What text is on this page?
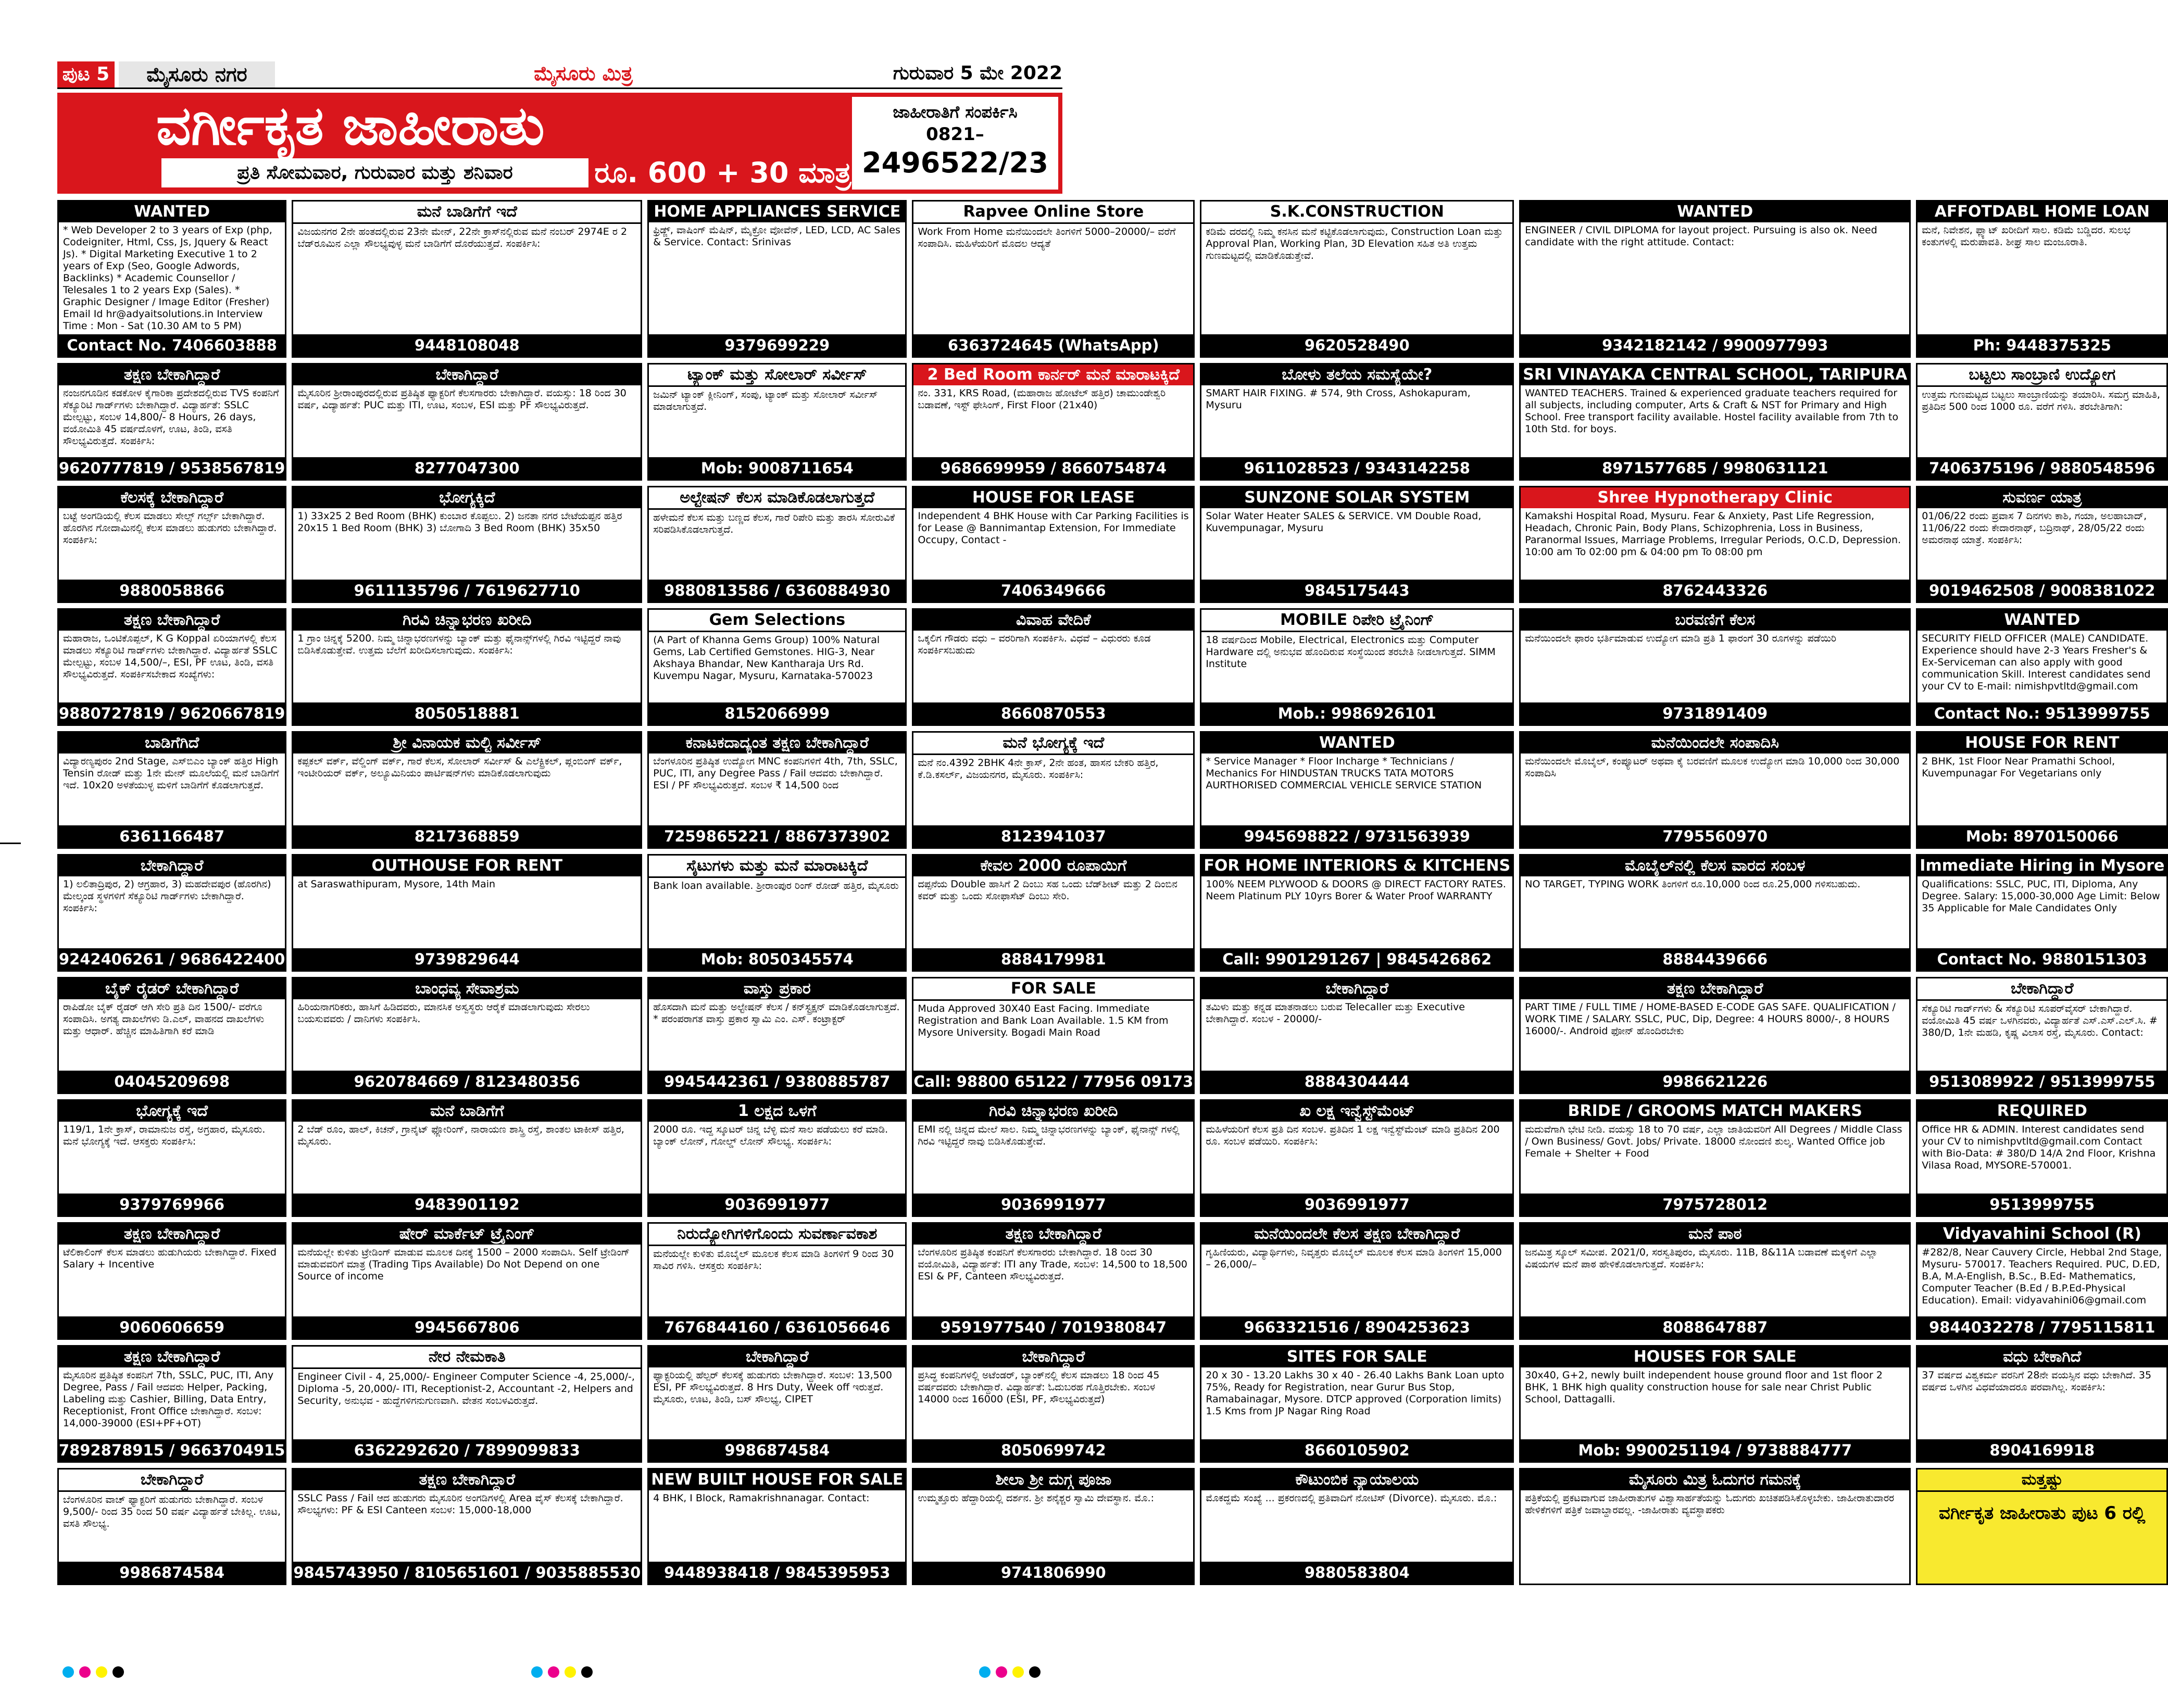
ಪುಟ 5	ಮೈಸೂರು ನಗರ	ಮೈಸೂರು ಮಿತ್ರ	ಗುರುವಾರ 5 ಮೇ 2022
ವರ್ಗೀಕೃತ ಜಾಹೀರಾತು
ಪ್ರತಿ ಸೋಮವಾರ, ಗುರುವಾರ ಮತ್ತು ಶನಿವಾರ	ರೂ. 600 + 30 ಮಾತ್ರ
ಜಾಹೀರಾತಿಗೆ ಸಂಪರ್ಕಿಸಿ
0821–
2496522/23
WANTED
* Web Developer 2 to 3 years of Exp (php, Codeigniter, Html, Css, Js, Jquery & React Js). * Digital Marketing Executive 1 to 2 years of Exp (Seo, Google Adwords, Backlinks) * Academic Counsellor / Telesales 1 to 2 years Exp (Sales). * Graphic Designer / Image Editor (Fresher) Email Id hr@adyaitsolutions.in Interview Time : Mon - Sat (10.30 AM to 5 PM)
Contact No. 7406603888
ಮನೆ ಬಾಡಿಗೆಗೆ ಇದೆ
ವಿಜಯನಗರ 2ನೇ ಹಂತದಲ್ಲಿರುವ 23ನೇ ಮೇನ್, 22ನೇ ಕ್ರಾಸ್‌ನಲ್ಲಿರುವ ಮನೆ ನಂಬರ್ 2974E ರ 2 ಬೆಡ್‌ರೂಮಿನ ಎಲ್ಲಾ ಸೌಲಭ್ಯವುಳ್ಳ ಮನೆ ಬಾಡಿಗೆಗೆ ದೊರೆಯುತ್ತದೆ. ಸಂಪರ್ಕಿಸಿ:
9448108048
HOME APPLIANCES SERVICE
ಫ್ರಿಡ್ಜ್, ವಾಷಿಂಗ್ ಮೆಷಿನ್, ಮೈಕ್ರೋ ವೋವೆನ್, LED, LCD, AC Sales & Service. Contact: Srinivas
9379699229
Rapvee Online Store
Work From Home ಮನೆಯಿಂದಲೇ ತಿಂಗಳಿಗೆ 5000–20000/– ವರೆಗೆ ಸಂಪಾದಿಸಿ. ಮಹಿಳೆಯರಿಗೆ ಮೊದಲ ಆದ್ಯತೆ
6363724645 (WhatsApp)
S.K.CONSTRUCTION
ಕಡಿಮೆ ದರದಲ್ಲಿ ನಿಮ್ಮ ಕನಸಿನ ಮನೆ ಕಟ್ಟಿಕೊಡಲಾಗುವುದು, Construction Loan ಮತ್ತು Approval Plan, Working Plan, 3D Elevation ಸಹಿತ ಅತಿ ಉತ್ತಮ ಗುಣಮಟ್ಟದಲ್ಲಿ ಮಾಡಿಕೊಡುತ್ತೇವೆ.
9620528490
WANTED
ENGINEER / CIVIL DIPLOMA for layout project. Pursuing is also ok. Need candidate with the right attitude. Contact:
9342182142 / 9900977993
AFFOTDABL HOME LOAN
ಮನೆ, ನಿವೇಶನ, ಫ್ಲ್ಯಾಟ್ ಖರೀದಿಗೆ ಸಾಲ. ಕಡಿಮೆ ಬಡ್ಡಿದರ. ಸುಲಭ ಕಂತುಗಳಲ್ಲಿ ಮರುಪಾವತಿ. ಶೀಘ್ರ ಸಾಲ ಮಂಜೂರಾತಿ.
Ph: 9448375325
ತಕ್ಷಣ ಬೇಕಾಗಿದ್ದಾರೆ
ನಂಜನಗೂಡಿನ ಕಡಕೋಳ ಕೈಗಾರಿಕಾ ಪ್ರದೇಶದಲ್ಲಿರುವ TVS ಕಂಪನಿಗೆ ಸೆಕ್ಯೂರಿಟಿ ಗಾರ್ಡ್‌ಗಳು ಬೇಕಾಗಿದ್ದಾರೆ. ವಿದ್ಯಾರ್ಹತೆ: SSLC ಮೇಲ್ಪಟ್ಟು, ಸಂಬಳ 14,800/- 8 Hours, 26 days, ವಯೋಮಿತಿ 45 ವರ್ಷದೊಳಗೆ, ಊಟ, ತಿಂಡಿ, ವಸತಿ ಸೌಲಭ್ಯವಿರುತ್ತದೆ. ಸಂಪರ್ಕಿಸಿ:
9620777819 / 9538567819
ಬೇಕಾಗಿದ್ದಾರೆ
ಮೈಸೂರಿನ ಶ್ರೀರಾಂಪುರದಲ್ಲಿರುವ ಪ್ರತಿಷ್ಠಿತ ಫ್ಯಾಕ್ಟರಿಗೆ ಕೆಲಸಗಾರರು ಬೇಕಾಗಿದ್ದಾರೆ. ವಯಸ್ಸು: 18 ರಿಂದ 30 ವರ್ಷ, ವಿದ್ಯಾರ್ಹತೆ: PUC ಮತ್ತು ITI, ಊಟ, ಸಂಬಳ, ESI ಮತ್ತು PF ಸೌಲಭ್ಯವಿರುತ್ತದೆ.
8277047300
ಟ್ಯಾಂಕ್ ಮತ್ತು ಸೋಲಾರ್ ಸರ್ವೀಸ್
ಜಮಿನ್ ಟ್ಯಾಂಕ್ ಕ್ಲೀನಿಂಗ್, ಸಂಪು, ಟ್ಯಾಂಕ್ ಮತ್ತು ಸೋಲಾರ್ ಸರ್ವೀಸ್ ಮಾಡಲಾಗುತ್ತದೆ.
Mob: 9008711654
2 Bed Room ಕಾರ್ನರ್ ಮನೆ ಮಾರಾಟಕ್ಕಿದೆ
ನಂ. 331, KRS Road, (ಮಹಾರಾಜ ಹೋಟೆಲ್ ಹತ್ತಿರ) ಚಾಮುಂಡೇಶ್ವರಿ ಬಡಾವಣೆ, ಇಸ್ಟ್ ಫೇಸಿಂಗ್, First Floor (21x40)
9686699959 / 8660754874
ಬೋಳು ತಲೆಯ ಸಮಸ್ಯೆಯೇ?
SMART HAIR FIXING. # 574, 9th Cross, Ashokapuram, Mysuru
9611028523 / 9343142258
SRI VINAYAKA CENTRAL SCHOOL, TARIPURA
WANTED TEACHERS. Trained & experienced graduate teachers required for all subjects, including computer, Arts & Craft & NST for Primary and High School. Free transport facility available. Hostel facility available from 7th to 10th Std. for boys.
8971577685 / 9980631121
ಬಟ್ಟಲು ಸಾಂಬ್ರಾಣಿ ಉದ್ಯೋಗ
ಉತ್ತಮ ಗುಣಮಟ್ಟದ ಬಟ್ಟಲು ಸಾಂಬ್ರಾಣಿಯನ್ನು ತಯಾರಿಸಿ. ಸಮಗ್ರ ಮಾಹಿತಿ, ಪ್ರತಿದಿನ 500 ರಿಂದ 1000 ರೂ. ವರೆಗೆ ಗಳಿಸಿ. ತರಬೇತಿಗಾಗಿ:
7406375196 / 9880548596
ಕೆಲಸಕ್ಕೆ ಬೇಕಾಗಿದ್ದಾರೆ
ಬಟ್ಟೆ ಅಂಗಡಿಯಲ್ಲಿ ಕೆಲಸ ಮಾಡಲು ಸೇಲ್ಸ್ ಗರ್ಲ್ಸ್ ಬೇಕಾಗಿದ್ದಾರೆ. ಹೊರಗಿನ ಗೋದಾಮಿನಲ್ಲಿ ಕೆಲಸ ಮಾಡಲು ಹುಡುಗರು ಬೇಕಾಗಿದ್ದಾರೆ. ಸಂಪರ್ಕಿಸಿ:
9880058866
ಭೋಗ್ಯಕ್ಕಿದೆ
1) 33x25 2 Bed Room (BHK) ಕುಂಬಾರ ಕೊಪ್ಪಲು. 2) ಜನತಾ ನಗರ ಬೇಟೆಯಪ್ಪನ ಹತ್ತಿರ 20x15 1 Bed Room (BHK) 3) ಬೋಗಾದಿ 3 Bed Room (BHK) 35x50
9611135796 / 7619627710
ಅಲ್ಟೇಷನ್ ಕೆಲಸ ಮಾಡಿಕೊಡಲಾಗುತ್ತದೆ
ಹಳೇಮನೆ ಕೆಲಸ ಮತ್ತು ಬಣ್ಣದ ಕೆಲಸ, ಗಾರೆ ರಿಪೇರಿ ಮತ್ತು ತಾರಸಿ ಸೋರುವಿಕೆ ಸರಿಪಡಿಸಿಕೊಡಲಾಗುತ್ತದೆ.
9880813586 / 6360884930
HOUSE FOR LEASE
Independent 4 BHK House with Car Parking Facilities is for Lease @ Bannimantap Extension, For Immediate Occupy, Contact -
7406349666
SUNZONE SOLAR SYSTEM
Solar Water Heater SALES & SERVICE. VM Double Road, Kuvempunagar, Mysuru
9845175443
Shree Hypnotherapy Clinic
Kamakshi Hospital Road, Mysuru. Fear & Anxiety, Past Life Regression, Headach, Chronic Pain, Body Plans, Schizophrenia, Loss in Business, Paranormal Issues, Marriage Problems, Irregular Periods, O.C.D, Depression. 10:00 am To 02:00 pm & 04:00 pm To 08:00 pm
8762443326
ಸುವರ್ಣ ಯಾತ್ರ
01/06/22 ರಂದು ಪ್ರವಾಸ 7 ದಿನಗಳು ಕಾಶಿ, ಗಯಾ, ಅಲಹಾಬಾದ್, 11/06/22 ರಂದು ಕೇದಾರನಾಥ್, ಬದ್ರಿನಾಥ್, 28/05/22 ರಂದು ಅಮರನಾಥ ಯಾತ್ರೆ. ಸಂಪರ್ಕಿಸಿ:
9019462508 / 9008381022
ತಕ್ಷಣ ಬೇಕಾಗಿದ್ದಾರೆ
ಮಹಾರಾಜ, ಒಂಟಿಕೊಪ್ಪಲ್, K G Koppal ಏರಿಯಾಗಳಲ್ಲಿ ಕೆಲಸ ಮಾಡಲು ಸೆಕ್ಯೂರಿಟಿ ಗಾರ್ಡ್‌ಗಳು ಬೇಕಾಗಿದ್ದಾರೆ. ವಿದ್ಯಾರ್ಹತೆ SSLC ಮೇಲ್ಪಟ್ಟು, ಸಂಬಳ 14,500/–, ESI, PF ಊಟ, ತಿಂಡಿ, ವಸತಿ ಸೌಲಭ್ಯವಿರುತ್ತದೆ. ಸಂಪರ್ಕಿಸಬೇಕಾದ ಸಂಖ್ಯೆಗಳು:
9880727819 / 9620667819
ಗಿರವಿ ಚಿನ್ನಾಭರಣ ಖರೀದಿ
1 ಗ್ರಾಂ ಚಿನ್ನಕ್ಕೆ 5200. ನಿಮ್ಮ ಚಿನ್ನಾಭರಣಗಳನ್ನು ಬ್ಯಾಂಕ್ ಮತ್ತು ಫೈನಾನ್ಸ್‌ಗಳಲ್ಲಿ ಗಿರವಿ ಇಟ್ಟಿದ್ದರೆ ನಾವು ಬಿಡಿಸಿಕೊಡುತ್ತೇವೆ. ಉತ್ತಮ ಬೆಲೆಗೆ ಖರೀದಿಸಲಾಗುವುದು. ಸಂಪರ್ಕಿಸಿ:
8050518881
Gem Selections
(A Part of Khanna Gems Group) 100% Natural Gems, Lab Certified Gemstones. HIG-3, Near Akshaya Bhandar, New Kantharaja Urs Rd. Kuvempu Nagar, Mysuru, Karnataka-570023
8152066999
ವಿವಾಹ ವೇದಿಕೆ
ಒಕ್ಕಲಿಗ ಗೌಡರು ವಧು – ವರರಿಗಾಗಿ ಸಂಪರ್ಕಿಸಿ. ವಿಧವೆ – ವಿಧುರರು ಕೂಡ ಸಂಪರ್ಕಿಸಬಹುದು
8660870553
MOBILE ರಿಪೇರಿ ಟ್ರೈನಿಂಗ್
18 ವರ್ಷದಿಂದ Mobile, Electrical, Electronics ಮತ್ತು Computer Hardware ದಲ್ಲಿ ಅನುಭವ ಹೊಂದಿರುವ ಸಂಸ್ಥೆಯಿಂದ ತರಬೇತಿ ನೀಡಲಾಗುತ್ತದೆ. SIMM Institute
Mob.: 9986926101
ಬರವಣಿಗೆ ಕೆಲಸ
ಮನೆಯಿಂದಲೇ ಫಾರಂ ಭರ್ತಿಮಾಡುವ ಉದ್ಯೋಗ ಮಾಡಿ ಪ್ರತಿ 1 ಫಾರಂಗೆ 30 ರೂಗಳನ್ನು ಪಡೆಯಿರಿ
9731891409
WANTED
SECURITY FIELD OFFICER (MALE) CANDIDATE. Experience should have 2-3 Years Fresher's & Ex-Serviceman can also apply with good communication Skill. Interest candidates send your CV to E-mail: nimishpvtltd@gmail.com
Contact No.: 9513999755
ಬಾಡಿಗೆಗಿದೆ
ವಿದ್ಯಾರಣ್ಯಪುರಂ 2nd Stage, ಎಸ್‌ಬಿಎಂ ಬ್ಯಾಂಕ್ ಹತ್ತಿರ High Tensin ರೋಡ್ ಮತ್ತು 1ನೇ ಮೇನ್ ಮೂಲೆಯಲ್ಲಿ ಮನೆ ಬಾಡಿಗೆಗೆ ಇದೆ. 10x20 ಅಳತೆಯುಳ್ಳ ಮಳಿಗೆ ಬಾಡಿಗೆಗೆ ಕೊಡಲಾಗುತ್ತದೆ.
6361166487
ಶ್ರೀ ವಿನಾಯಕ ಮಲ್ಟಿ ಸರ್ವೀಸ್
ಕಪ್ಪಕಲ್ ವರ್ಕ್, ವೆಲ್ಡಿಂಗ್ ವರ್ಕ್, ಗಾರೆ ಕೆಲಸ, ಸೋಲಾರ್ ಸರ್ವೀಸ್ & ಎಲೆಕ್ಟ್ರಿಕಲ್, ಪ್ಲಂಬಿಂಗ್ ವರ್ಕ್, ಇಂಟೀರಿಯರ್ ವರ್ಕ್, ಅಲ್ಯೂಮಿನಿಯಂ ಪಾರ್ಟಿಷನ್‌ಗಳು ಮಾಡಿಕೊಡಲಾಗುವುದು
8217368859
ಕನಾಟಕದಾದ್ಯಂತ ತಕ್ಷಣ ಬೇಕಾಗಿದ್ದಾರೆ
ಬೆಂಗಳೂರಿನ ಪ್ರತಿಷ್ಠಿತ ಉದ್ಯೋಗ MNC ಕಂಪನಿಗಳಿಗೆ 4th, 7th, SSLC, PUC, ITI, any Degree Pass / Fail ಆದವರು ಬೇಕಾಗಿದ್ದಾರೆ. ESI / PF ಸೌಲಭ್ಯವಿರುತ್ತದೆ. ಸಂಬಳ ₹ 14,500 ರಿಂದ
7259865221 / 8867373902
ಮನೆ ಭೋಗ್ಯಕ್ಕೆ ಇದೆ
ಮನೆ ನಂ.4392 2BHK 4ನೇ ಕ್ರಾಸ್, 2ನೇ ಹಂತ, ಹಾಸನ ಬೇಕರಿ ಹತ್ತಿರ, ಕೆ.ಡಿ.ಕಸರ್ಲ್, ವಿಜಯನಗರ, ಮೈಸೂರು. ಸಂಪರ್ಕಿಸಿ:
8123941037
WANTED
* Service Manager * Floor Incharge * Technicians / Mechanics For HINDUSTAN TRUCKS TATA MOTORS AURTHORISED COMMERCIAL VEHICLE SERVICE STATION
9945698822 / 9731563939
ಮನೆಯಿಂದಲೇ ಸಂಪಾದಿಸಿ
ಮನೆಯಿಂದಲೇ ಮೊಬೈಲ್, ಕಂಪ್ಯೂಟರ್ ಅಥವಾ ಕೈ ಬರವಣಿಗೆ ಮೂಲಕ ಉದ್ಯೋಗ ಮಾಡಿ 10,000 ರಿಂದ 30,000 ಸಂಪಾದಿಸಿ
7795560970
HOUSE FOR RENT
2 BHK, 1st Floor Near Pramathi School, Kuvempunagar For Vegetarians only
Mob: 8970150066
ಬೇಕಾಗಿದ್ದಾರೆ
1) ಲಲಿತಾದ್ರಿಪುರ, 2) ಆಗ್ರಹಾರ, 3) ಮಹದೇವಪುರ (ಹೊರಗಿನ) ಮೇಲ್ಕಂಡ ಸ್ಥಳಗಳಿಗೆ ಸೆಕ್ಯೂರಿಟಿ ಗಾರ್ಡ್‌ಗಳು ಬೇಕಾಗಿದ್ದಾರೆ. ಸಂಪರ್ಕಿಸಿ:
9242406261 / 9686422400
OUTHOUSE FOR RENT
at Saraswathipuram, Mysore, 14th Main
9739829644
ಸೈಟುಗಳು ಮತ್ತು ಮನೆ ಮಾರಾಟಕ್ಕಿದೆ
Bank loan available. ಶ್ರೀರಾಂಪುರ ರಿಂಗ್ ರೋಡ್ ಹತ್ತಿರ, ಮೈಸೂರು
Mob: 8050345574
ಕೇವಲ 2000 ರೂಪಾಯಿಗೆ
ದಪ್ಪನೆಯ Double ಹಾಸಿಗೆ 2 ದಿಂಬು ಸಹ ಒಂದು ಬೆಡ್‌ಶೀಟ್ ಮತ್ತು 2 ದಿಂಬಿನ ಕವರ್ ಮತ್ತು ಒಂದು ಸೋಫಾಸೆಟ್ ದಿಂಬು ಸೇರಿ.
8884179981
FOR HOME INTERIORS & KITCHENS
100% NEEM PLYWOOD & DOORS @ DIRECT FACTORY RATES. Neem Platinum PLY 10yrs Borer & Water Proof WARRANTY
Call: 9901291267 | 9845426862
ಮೊಬೈಲ್‌ನಲ್ಲಿ ಕೆಲಸ ವಾರದ ಸಂಬಳ
NO TARGET, TYPING WORK ತಿಂಗಳಿಗೆ ರೂ.10,000 ರಿಂದ ರೂ.25,000 ಗಳಿಸಬಹುದು.
8884439666
Immediate Hiring in Mysore
Qualifications: SSLC, PUC, ITI, Diploma, Any Degree. Salary: 15,000-30,000 Age Limit: Below 35 Applicable for Male Candidates Only
Contact No. 9880151303
ಬೈಕ್ ರೈಡರ್ ಬೇಕಾಗಿದ್ದಾರೆ
ರಾಪಿಡೋ ಬೈಕ್ ರೈಡರ್ ಆಗಿ ಸೇರಿ ಪ್ರತಿ ದಿನ 1500/- ವರೆಗೂ ಸಂಪಾದಿಸಿ. ಅಗತ್ಯ ದಾಖಲೆಗಳು ಡಿ.ಎಲ್, ವಾಹನದ ದಾಖಲೆಗಳು ಮತ್ತು ಆಧಾರ್. ಹೆಚ್ಚಿನ ಮಾಹಿತಿಗಾಗಿ ಕರೆ ಮಾಡಿ
04045209698
ಬಾಂಧವ್ಯ ಸೇವಾಶ್ರಮ
ಹಿರಿಯನಾಗರಿಕರು, ಹಾಸಿಗೆ ಹಿಡಿದವರು, ಮಾನಸಿಕ ಅಸ್ವಸ್ಥರು ಆರೈಕೆ ಮಾಡಲಾಗುವುದು ಸೇರಲು ಬಯಸುವವರು / ದಾನಿಗಳು ಸಂಪರ್ಕಿಸಿ.
9620784669 / 8123480356
ವಾಸ್ತು ಪ್ರಕಾರ
ಹೊಸದಾಗಿ ಮನೆ ಮತ್ತು ಅಲ್ಟೇಷನ್ ಕೆಲಸ / ಕನ್‌ಸ್ಟ್ರಕ್ಷನ್ ಮಾಡಿಕೊಡಲಾಗುತ್ತದೆ. * ಪರಂಪರಾಗತ ವಾಸ್ತು ಪ್ರಕಾರ ಸ್ವಾಮಿ ಎಂ. ಎಸ್. ಕಂಟ್ರಾಕ್ಟರ್
9945442361 / 9380885787
FOR SALE
Muda Approved 30X40 East Facing. Immediate Registration and Bank Loan Available. 1.5 KM from Mysore University. Bogadi Main Road
Call: 98800 65122 / 77956 09173
ಬೇಕಾಗಿದ್ದಾರೆ
ತಮಿಳು ಮತ್ತು ಕನ್ನಡ ಮಾತನಾಡಲು ಬರುವ Telecaller ಮತ್ತು Executive ಬೇಕಾಗಿದ್ದಾರೆ. ಸಂಬಳ - 20000/-
8884304444
ತಕ್ಷಣ ಬೇಕಾಗಿದ್ದಾರೆ
PART TIME / FULL TIME / HOME-BASED E-CODE GAS SAFE. QUALIFICATION / WORK TIME / SALARY. SSLC, PUC, Dip, Degree: 4 HOURS 8000/-, 8 HOURS 16000/-. Android ಫೋನ್ ಹೊಂದಿರಬೇಕು
9986621226
ಬೇಕಾಗಿದ್ದಾರೆ
ಸೆಕ್ಯೂರಿಟಿ ಗಾರ್ಡ್‌ಗಳು & ಸೆಕ್ಯೂರಿಟಿ ಸೂಪರ್‌ವೈಸರ್ ಬೇಕಾಗಿದ್ದಾರೆ. ವಯೋಮಿತಿ 45 ವರ್ಷ ಒಳಗಿನವರು, ವಿದ್ಯಾರ್ಹತೆ ಎಸ್.ಎಸ್.ಎಲ್.ಸಿ. # 380/D, 1ನೇ ಮಹಡಿ, ಕೃಷ್ಣ ವಿಲಾಸ ರಸ್ತೆ, ಮೈಸೂರು. Contact:
9513089922 / 9513999755
ಭೋಗ್ಯಕ್ಕೆ ಇದೆ
119/1, 1ನೇ ಕ್ರಾಸ್, ರಾಮಾನುಜ ರಸ್ತೆ, ಅಗ್ರಹಾರ, ಮೈಸೂರು. ಮನೆ ಭೋಗ್ಯಕ್ಕೆ ಇದೆ. ಆಸಕ್ತರು ಸಂಪರ್ಕಿಸಿ:
9379769966
ಮನೆ ಬಾಡಿಗೆಗೆ
2 ಬೆಡ್ ರೂಂ, ಹಾಲ್, ಕಿಚನ್, ಗ್ರಾನೈಟ್ ಫ್ಲೋರಿಂಗ್, ನಾರಾಯಣ ಶಾಸ್ತ್ರಿ ರಸ್ತೆ, ಶಾಂತಲ ಟಾಕೀಸ್ ಹತ್ತಿರ, ಮೈಸೂರು.
9483901192
1 ಲಕ್ಷದ ಒಳಗೆ
2000 ರೂ. ಇದ್ದ ಸ್ಕೂಟರ್ ಚಿನ್ನ ಬೆಳ್ಳಿ ಮನೆ ಸಾಲ ಪಡೆಯಲು ಕರೆ ಮಾಡಿ. ಬ್ಯಾಂಕ್ ಲೋನ್, ಗೋಲ್ಡ್ ಲೋನ್ ಸೌಲಭ್ಯ. ಸಂಪರ್ಕಿಸಿ:
9036991977
ಗಿರವಿ ಚಿನ್ನಾಭರಣ ಖರೀದಿ
EMI ನಲ್ಲಿ ಚಿನ್ನದ ಮೇಲೆ ಸಾಲ. ನಿಮ್ಮ ಚಿನ್ನಾಭರಣಗಳನ್ನು ಬ್ಯಾಂಕ್, ಫೈನಾನ್ಸ್ ಗಳಲ್ಲಿ ಗಿರವಿ ಇಟ್ಟಿದ್ದರೆ ನಾವು ಬಿಡಿಸಿಕೊಡುತ್ತೇವೆ.
9036991977
ಖ ಲಕ್ಷ ಇನ್ವೆಸ್ಟ್‌ಮೆಂಟ್
ಮಹಿಳೆಯರಿಗೆ ಕೆಲಸ ಪ್ರತಿ ದಿನ ಸಂಬಳ. ಪ್ರತಿದಿನ 1 ಲಕ್ಷ ಇನ್ವೆಸ್ಟ್‌ಮೆಂಟ್ ಮಾಡಿ ಪ್ರತಿದಿನ 200 ರೂ. ಸಂಬಳ ಪಡೆಯಿರಿ. ಸಂಪರ್ಕಿಸಿ:
9036991977
BRIDE / GROOMS MATCH MAKERS
ಮದುವೆಗಾಗಿ ಭೇಟಿ ನೀಡಿ. ವಯಸ್ಸು 18 to 70 ವರ್ಷ, ಎಲ್ಲಾ ಜಾತಿಯವರಿಗೆ All Degrees / Middle Class / Own Business/ Govt. Jobs/ Private. 18000 ನೋಂದಣಿ ಶುಲ್ಕ. Wanted Office job Female + Shelter + Food
7975728012
REQUIRED
Office HR & ADMIN. Interest candidates send your CV to nimishpvtltd@gmail.com Contact with Bio-Data: # 380/D 14/A 2nd Floor, Krishna Vilasa Road, MYSORE-570001.
9513999755
ತಕ್ಷಣ ಬೇಕಾಗಿದ್ದಾರೆ
ಟೆಲಿಕಾಲಿಂಗ್ ಕೆಲಸ ಮಾಡಲು ಹುಡುಗಿಯರು ಬೇಕಾಗಿದ್ದಾರೆ. Fixed Salary + Incentive
9060606659
ಷೇರ್ ಮಾರ್ಕೆಟ್ ಟ್ರೈನಿಂಗ್
ಮನೆಯಲ್ಲೇ ಕುಳಿತು ಟ್ರೇಡಿಂಗ್ ಮಾಡುವ ಮೂಲಕ ದಿನಕ್ಕೆ 1500 – 2000 ಸಂಪಾದಿಸಿ. Self ಟ್ರೇಡಿಂಗ್ ಮಾಡುವವರಿಗೆ ಮಾತ್ರ (Trading Tips Available) Do Not Depend on one Source of income
9945667806
ನಿರುದ್ಯೋಗಿಗಳಿಗೊಂದು ಸುವರ್ಣಾವಕಾಶ
ಮನೆಯಲ್ಲೇ ಕುಳಿತು ಮೊಬೈಲ್ ಮೂಲಕ ಕೆಲಸ ಮಾಡಿ ತಿಂಗಳಿಗೆ 9 ರಿಂದ 30 ಸಾವಿರ ಗಳಿಸಿ. ಆಸಕ್ತರು ಸಂಪರ್ಕಿಸಿ:
7676844160 / 6361056646
ತಕ್ಷಣ ಬೇಕಾಗಿದ್ದಾರೆ
ಬೆಂಗಳೂರಿನ ಪ್ರತಿಷ್ಠಿತ ಕಂಪನಿಗೆ ಕೆಲಸಗಾರರು ಬೇಕಾಗಿದ್ದಾರೆ. 18 ರಿಂದ 30 ವಯೋಮಿತಿ, ವಿದ್ಯಾರ್ಹತೆ: ITI any Trade, ಸಂಬಳ: 14,500 to 18,500 ESI & PF, Canteen ಸೌಲಭ್ಯವಿರುತ್ತದೆ.
9591977540 / 7019380847
ಮನೆಯಿಂದಲೇ ಕೆಲಸ ತಕ್ಷಣ ಬೇಕಾಗಿದ್ದಾರೆ
ಗೃಹಿಣಿಯರು, ವಿದ್ಯಾರ್ಥಿಗಳು, ನಿವೃತ್ತರು ಮೊಬೈಲ್ ಮೂಲಕ ಕೆಲಸ ಮಾಡಿ ತಿಂಗಳಿಗೆ 15,000 – 26,000/–
9663321516 / 8904253623
ಮನೆ ಪಾಠ
ಜನಮಿತ್ರ ಸ್ಕೂಲ್ ಸಮೀಪ. 2021/0, ಸರಸ್ವತಿಪುರಂ, ಮೈಸೂರು. 11B, 8&11A ಬಡಾವಣೆ ಮಕ್ಕಳಿಗೆ ಎಲ್ಲಾ ವಿಷಯಗಳ ಮನೆ ಪಾಠ ಹೇಳಿಕೊಡಲಾಗುತ್ತದೆ. ಸಂಪರ್ಕಿಸಿ:
8088647887
Vidyavahini School (R)
#282/8, Near Cauvery Circle, Hebbal 2nd Stage, Mysuru- 570017. Teachers Required. PUC, D.ED, B.A, M.A-English, B.Sc., B.Ed- Mathematics, Computer Teacher (B.Ed / B.P.Ed-Physical Education). Email: vidyavahini06@gmail.com
9844032278 / 7795115811
ತಕ್ಷಣ ಬೇಕಾಗಿದ್ದಾರೆ
ಮೈಸೂರಿನ ಪ್ರತಿಷ್ಠಿತ ಕಂಪನಿಗೆ 7th, SSLC, PUC, ITI, Any Degree, Pass / Fail ಆದವರು Helper, Packing, Labeling ಮತ್ತು Cashier, Billing, Data Entry, Receptionist, Front Office ಬೇಕಾಗಿದ್ದಾರೆ. ಸಂಬಳ: 14,000-39000 (ESI+PF+OT)
7892878915 / 9663704915
ನೇರ ನೇಮಕಾತಿ
Engineer Civil - 4, 25,000/- Engineer Computer Science -4, 25,000/-, Diploma -5, 20,000/- ITI, Receptionist-2, Accountant -2, Helpers and Security, ಅನುಭವ - ಹುದ್ದೆಗಳಿಗನುಗುಣವಾಗಿ. ವೇತನ ಸಂಬಳವಿರುತ್ತದೆ.
6362292620 / 7899099833
ಬೇಕಾಗಿದ್ದಾರೆ
ಫ್ಯಾಕ್ಟರಿಯಲ್ಲಿ ಹೆಲ್ಪರ್ ಕೆಲಸಕ್ಕೆ ಹುಡುಗರು ಬೇಕಾಗಿದ್ದಾರೆ. ಸಂಬಳ: 13,500 ESI, PF ಸೌಲಭ್ಯವಿರುತ್ತದೆ. 8 Hrs Duty, Week off ಇರುತ್ತದೆ. ಮೈಸೂರು, ಊಟ, ತಿಂಡಿ, ಬಸ್ ಸೌಲಭ್ಯ, CIPET
9986874584
ಬೇಕಾಗಿದ್ದಾರೆ
ಪ್ರಸಿದ್ಧ ಕಂಪನಿಗಳಲ್ಲಿ ಅಟೆಂಡರ್, ಬ್ಯಾಂಕ್‌ನಲ್ಲಿ ಕೆಲಸ ಮಾಡಲು 18 ರಿಂದ 45 ವರ್ಷದವರು ಬೇಕಾಗಿದ್ದಾರೆ. ವಿದ್ಯಾರ್ಹತೆ: ಓದುಬರಹ ಗೊತ್ತಿರಬೇಕು. ಸಂಬಳ 14000 ರಿಂದ 16000 (ESI, PF, ಸೌಲಭ್ಯವಿರುತ್ತದೆ)
8050699742
SITES FOR SALE
20 x 30 - 13.20 Lakhs 30 x 40 - 26.40 Lakhs Bank Loan upto 75%, Ready for Registration, near Gurur Bus Stop, Ramabainagar, Mysore. DTCP approved (Corporation limits) 1.5 Kms from JP Nagar Ring Road
8660105902
HOUSES FOR SALE
30x40, G+2, newly built independent house ground floor and 1st floor 2 BHK, 1 BHK high quality construction house for sale near Christ Public School, Dattagalli.
Mob: 9900251194 / 9738884777
ವಧು ಬೇಕಾಗಿದೆ
37 ವರ್ಷದ ವಿಶ್ವಕರ್ಮ ವರನಿಗೆ 28ನೇ ವಯಸ್ಸಿನ ವಧು ಬೇಕಾಗಿದೆ. 35 ವರ್ಷದ ಒಳಗಿನ ವಿಧವೆಯಾದರೂ ಪರವಾಗಿಲ್ಲ. ಸಂಪರ್ಕಿಸಿ:
8904169918
ಬೇಕಾಗಿದ್ದಾರೆ
ಬೆಂಗಳೂರಿನ ವಾಚ್ ಫ್ಯಾಕ್ಟರಿಗೆ ಹುಡುಗರು ಬೇಕಾಗಿದ್ದಾರೆ. ಸಂಬಳ 9,500/- ರಿಂದ 35 ರಿಂದ 50 ವರ್ಷ ವಿದ್ಯಾರ್ಹತೆ ಬೇಕಿಲ್ಲ. ಊಟ, ವಸತಿ ಸೌಲಭ್ಯ.
9986874584
ತಕ್ಷಣ ಬೇಕಾಗಿದ್ದಾರೆ
SSLC Pass / Fail ಆದ ಹುಡುಗರು ಮೈಸೂರಿನ ಅಂಗಡಿಗಳಲ್ಲಿ Area ವೈಸ್ ಕೆಲಸಕ್ಕೆ ಬೇಕಾಗಿದ್ದಾರೆ. ಸೌಲಭ್ಯಗಳು: PF & ESI Canteen ಸಂಬಳ: 15,000-18,000
9845743950 / 8105651601 / 9035885530
NEW BUILT HOUSE FOR SALE
4 BHK, I Block, Ramakrishnanagar. Contact:
9448938418 / 9845395953
ಶೀಲಾ ಶ್ರೀ ದುಗ್ಗ ಪೂಜಾ
ಉಮ್ಮತ್ತೂರು ಹೆದ್ದಾರಿಯಲ್ಲಿ ದರ್ಶನ. ಶ್ರೀ ಶನೈಶ್ಚರ ಸ್ವಾಮಿ ದೇವಸ್ಥಾನ. ಮೊ.:
9741806990
ಕೌಟುಂಬಿಕ ನ್ಯಾಯಾಲಯ
ಮೊಕದ್ದಮೆ ಸಂಖ್ಯೆ ... ಪ್ರಕರಣದಲ್ಲಿ ಪ್ರತಿವಾದಿಗೆ ನೋಟಿಸ್ (Divorce). ಮೈಸೂರು. ಮೊ.:
9880583804
ಮೈಸೂರು ಮಿತ್ರ ಓದುಗರ ಗಮನಕ್ಕೆ
ಪತ್ರಿಕೆಯಲ್ಲಿ ಪ್ರಕಟವಾಗುವ ಜಾಹೀರಾತುಗಳ ವಿಶ್ವಾಸಾರ್ಹತೆಯನ್ನು ಓದುಗರು ಖಚಿತಪಡಿಸಿಕೊಳ್ಳಬೇಕು. ಜಾಹೀರಾತುದಾರರ ಹೇಳಿಕೆಗಳಿಗೆ ಪತ್ರಿಕೆ ಜವಾಬ್ದಾರವಲ್ಲ. -ಜಾಹೀರಾತು ವ್ಯವಸ್ಥಾಪಕರು
ಮತ್ತಷ್ಟು
ವರ್ಗೀಕೃತ ಜಾಹೀರಾತು ಪುಟ 6 ರಲ್ಲಿ
